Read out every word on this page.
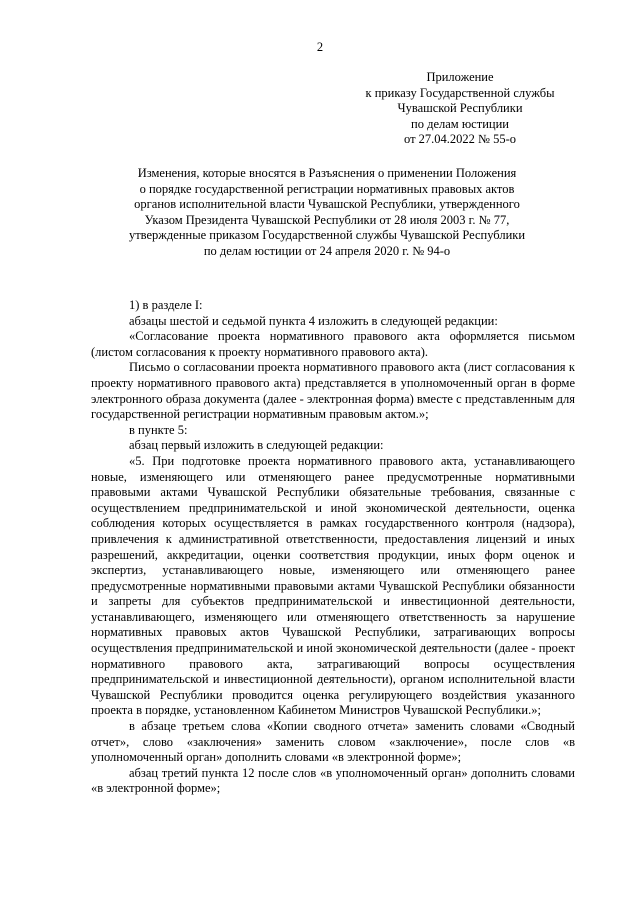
2
Приложение
к приказу Государственной службы
Чувашской Республики
по делам юстиции
от 27.04.2022 № 55-о
Изменения, которые вносятся в Разъяснения о применении Положения
о порядке государственной регистрации нормативных правовых актов
органов исполнительной власти Чувашской Республики, утвержденного
Указом Президента Чувашской Республики от 28 июля 2003 г. № 77,
утвержденные приказом Государственной службы Чувашской Республики
по делам юстиции от 24 апреля 2020 г. № 94-о

1) в разделе I:

абзацы шестой и седьмой пункта 4 изложить в следующей редакции:

«Согласование проекта нормативного правового акта оформляется письмом (листом согласования к проекту нормативного правового акта).

Письмо о согласовании проекта нормативного правового акта (лист согласования к проекту нормативного правового акта) представляется в уполномоченный орган в форме электронного образа документа (далее - электронная форма) вместе с представленным для государственной регистрации нормативным правовым актом.»;

в пункте 5:

абзац первый изложить в следующей редакции:

«5. При подготовке проекта нормативного правового акта, устанавливающего новые, изменяющего или отменяющего ранее предусмотренные нормативными правовыми актами Чувашской Республики обязательные требования, связанные с осуществлением предпринимательской и иной экономической деятельности, оценка соблюдения которых осуществляется в рамках государственного контроля (надзора), привлечения к административной ответственности, предоставления лицензий и иных разрешений, аккредитации, оценки соответствия продукции, иных форм оценок и экспертиз, устанавливающего новые, изменяющего или отменяющего ранее предусмотренные нормативными правовыми актами Чувашской Республики обязанности и запреты для субъектов предпринимательской и инвестиционной деятельности, устанавливающего, изменяющего или отменяющего ответственность за нарушение нормативных правовых актов Чувашской Республики, затрагивающих вопросы осуществления предпринимательской и иной экономической деятельности (далее - проект нормативного правового акта, затрагивающий вопросы осуществления предпринимательской и инвестиционной деятельности), органом исполнительной власти Чувашской Республики проводится оценка регулирующего воздействия указанного проекта в порядке, установленном Кабинетом Министров Чувашской Республики.»;

в абзаце третьем слова «Копии сводного отчета» заменить словами «Сводный отчет», слово «заключения» заменить словом «заключение», после слов «в уполномоченный орган» дополнить словами «в электронной форме»;

абзац третий пункта 12 после слов «в уполномоченный орган» дополнить словами «в электронной форме»;
